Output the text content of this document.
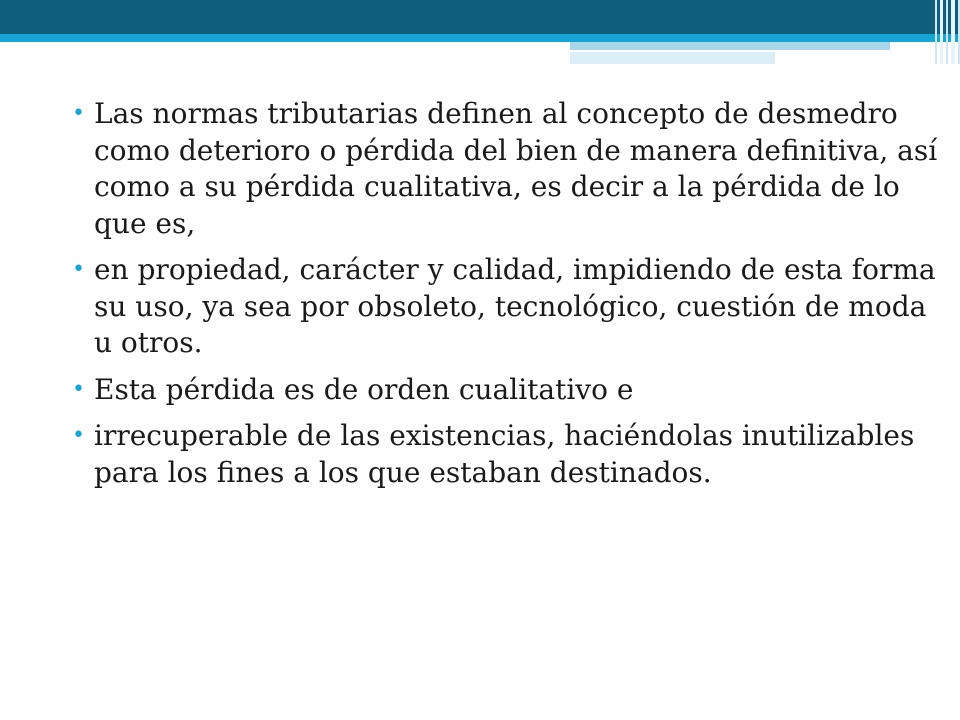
• Las normas tributarias definen al concepto de desmedro como deterioro o pérdida del bien de manera definitiva, así como a su pérdida cualitativa, es decir a la pérdida de lo que es,
• en propiedad, carácter y calidad, impidiendo de esta forma su uso, ya sea por obsoleto, tecnológico, cuestión de moda u otros.
• Esta pérdida es de orden cualitativo e
• irrecuperable de las existencias, haciéndolas inutilizables para los fines a los que estaban destinados.
